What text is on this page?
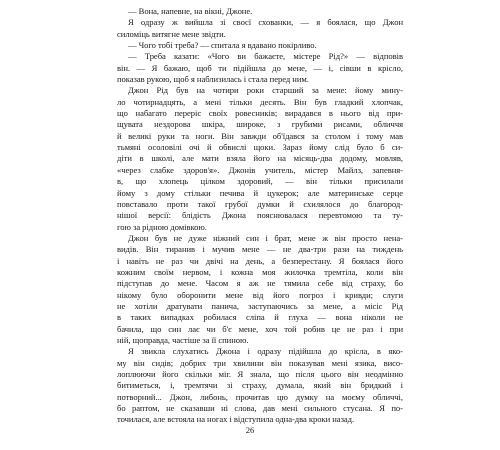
— Вона, напевне, на вікні, Джоне.
Я одразу ж вийшла зі свосї схованки, — я боялася, що Джон
силоміць витягне мене звідти.
— Чого тобі треба? — спитала я вдавано покірливо.
— Треба казати: «Чого ви бажаєте, містере Рід?» — відповів
він. — Я бажаю, щоб ти підійшла до мене, — і, сівши в крісло,
показав рукою, щоб я наблизилась і стала перед ним.
Джон Рід був на чотири роки старший за мене: йому мину-
ло чотирнадцять, а мені тільки десять. Він був гладкий хлопчак,
що набагато переріс своїх ровесників; вирадався в нього від при-
щувата нездорова шкіра, широке, з грубими рисами, обличчя
й великі руки та ноги. Він завжди об'їдався за столом і тому мав
тьмяні осоловілі очі й обвислі щоки. Зараз йому слід було б си-
діти в школі, але мати взяла його на місяць-два додому, мовляв,
«через слабке здоров'я». Джонів учитель, містер Майлз, запевня-
в, що хлопець цілком здоровий, — він тільки присилали
йому з дому стільки печива й цукерок; але материнське серце
повставало проти такої грубої думки й схилялося до благород-
нішої версії: блідість Джона пояснювалася перевтомою та ту-
гою за рідною домівкою.
Джон був не дуже ніжний син і брат, мене ж він просто нена-
видів. Він тиранив і мучив мене — не два-три рази на тиждень
і навіть не раз чи двічі на день, а безперестану. Я боялася його
кожним своїм нервом, і кожна моя жилочка тремтіла, коли він
підступав до мене. Часом я аж не тямила себе від страху, бо
нікому було оборонити мене від його погроз і кривди; слуги
не хотіли дратувати панича, заступаючись за мене, а місіс Рід
в таких випадках робилася сліпа й глуха — вона ніколи не
бачила, що син лає чи б'є мене, хоч той робив це не раз і при
ній, щоправда, частіше за її спиною.
Я звикла слухатись Джона і одразу підійшла до крісла, в яко-
му він сидів; добрих три хвилини він показував мені язика, висо-
лоплюючи його скільки міг. Я знала, що після цього він неодмінно
битиметься, і, тремтячи зі страху, думала, який він бридкий і
потворний... Джон, либонь, прочитав цю думку на моєму обличчі,
бо раптом, не сказавши ні слова, дав мені сильного стусана. Я по-
точилася, але встояла на ногах і відступила одна-два кроки назад.
26
